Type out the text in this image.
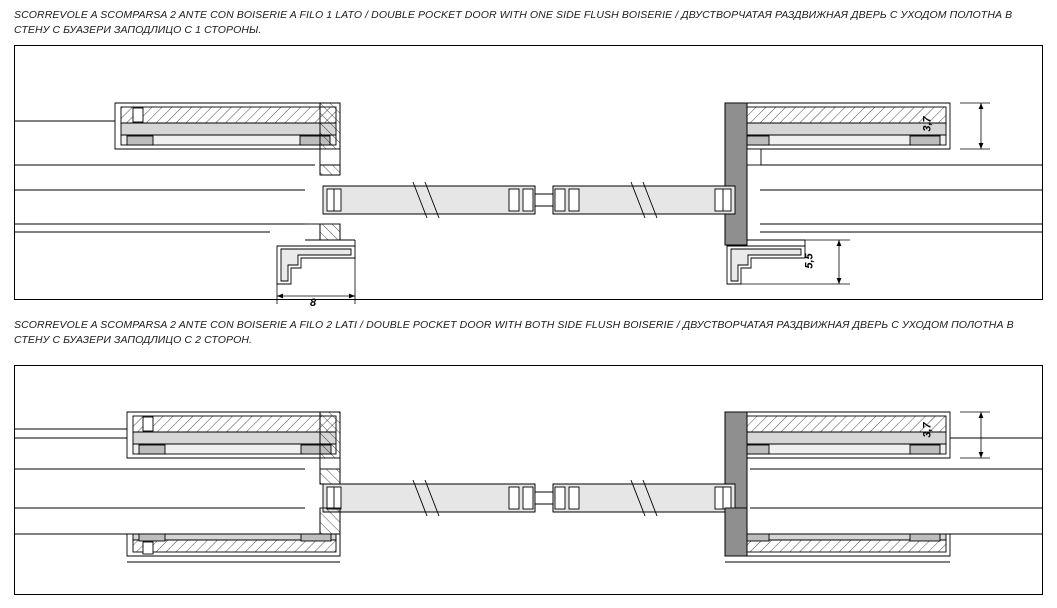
SCORREVOLE A SCOMPARSA 2 ANTE CON BOISERIE A FILO 1 LATO / DOUBLE POCKET DOOR WITH ONE SIDE FLUSH BOISERIE / ДВУСТВОРЧАТАЯ РАЗДВИЖНАЯ ДВЕРЬ С УХОДОМ ПОЛОТНА В
СТЕНУ С БУАЗЕРИ ЗАПОДЛИЦО С 1 СТОРОНЫ.
3,7
5,5
8
SCORREVOLE A SCOMPARSA 2 ANTE CON BOISERIE A FILO 2 LATI / DOUBLE POCKET DOOR WITH BOTH SIDE FLUSH BOISERIE / ДВУСТВОРЧАТАЯ РАЗДВИЖНАЯ ДВЕРЬ С УХОДОМ ПОЛОТНА В
СТЕНУ С БУАЗЕРИ ЗАПОДЛИЦО С 2 СТОРОН.
3,7
